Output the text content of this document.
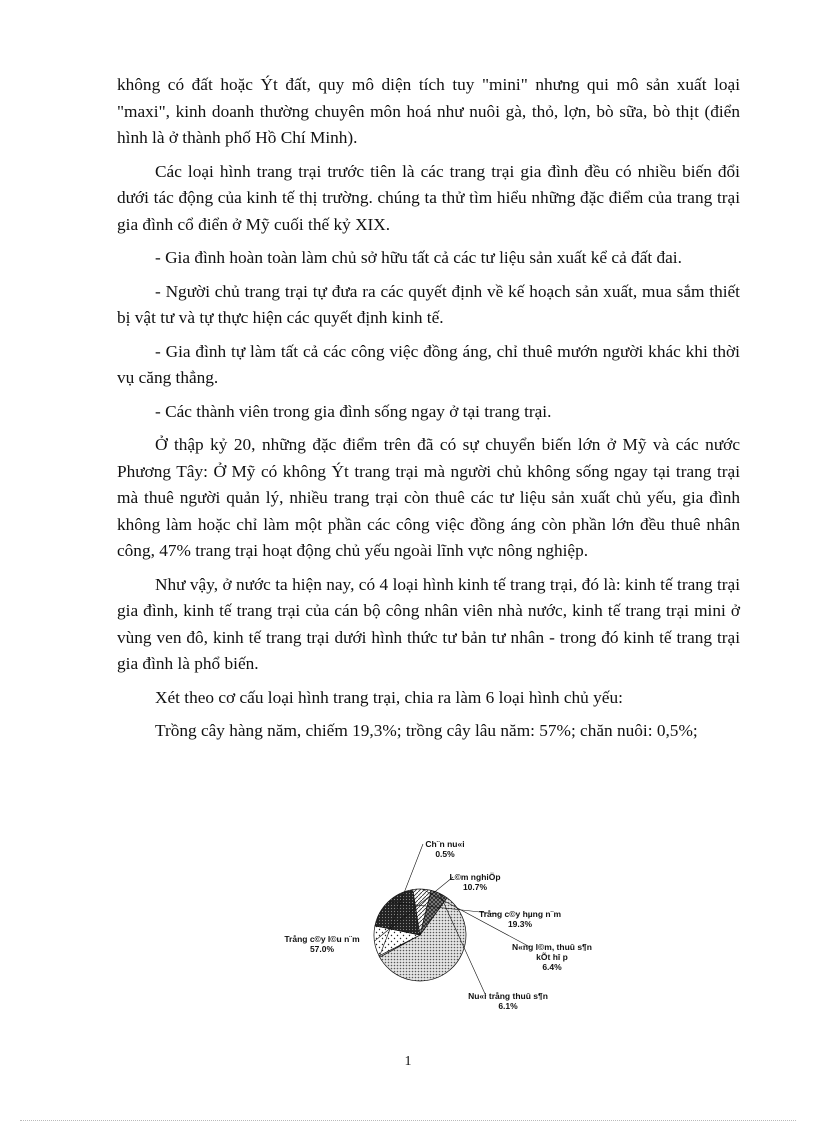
không có đất hoặc Ýt đất, quy mô diện tích tuy "mini" nhưng qui mô sản xuất loại "maxi", kinh doanh thường chuyên môn hoá như nuôi gà, thỏ, lợn, bò sữa, bò thịt (điển hình là ở thành phố Hồ Chí Minh).

Các loại hình trang trại trước tiên là các trang trại gia đình đều có nhiều biến đổi dưới tác động của kinh tế thị trường. chúng ta thử tìm hiểu những đặc điểm của trang trại gia đình cổ điển ở Mỹ cuối thế kỷ XIX.

- Gia đình hoàn toàn làm chủ sở hữu tất cả các tư liệu sản xuất kể cả đất đai.

- Người chủ trang trại tự đưa ra các quyết định về kế hoạch sản xuất, mua sắm thiết bị vật tư và tự thực hiện các quyết định kinh tế.

- Gia đình tự làm tất cả các công việc đồng áng, chỉ thuê mướn người khác khi thời vụ căng thẳng.

- Các thành viên trong gia đình sống ngay ở tại trang trại.

Ở thập kỷ 20, những đặc điểm trên đã có sự chuyển biến lớn ở Mỹ và các nước Phương Tây: Ở Mỹ có không Ýt trang trại mà người chủ không sống ngay tại trang trại mà thuê người quản lý, nhiều trang trại còn thuê các tư liệu sản xuất chủ yếu, gia đình không làm hoặc chỉ làm một phần các công việc đồng áng còn phần lớn đều thuê nhân công, 47% trang trại hoạt động chủ yếu ngoài lĩnh vực nông nghiệp.

Như vậy, ở nước ta hiện nay, có 4 loại hình kinh tế trang trại, đó là: kinh tế trang trại gia đình, kinh tế trang trại của cán bộ công nhân viên nhà nước, kinh tế trang trại mini ở vùng ven đô, kinh tế trang trại dưới hình thức tư bản tư nhân - trong đó kinh tế trang trại gia đình là phổ biến.

Xét theo cơ cấu loại hình trang trại, chia ra làm 6 loại hình chủ yếu:

Trồng cây hàng năm, chiếm 19,3%; trồng cây lâu năm: 57%; chăn nuôi: 0,5%;

Trång c©y l©u n¨m 57.0%
Ch¨n nu«i 0.5%
L©m nghiÖp 10.7%
Trång c©y hµng n¨m 19.3%
N«ng l©m, thuû s¶n kÕt hî p 6.4%
Nu«i trång thuû s¶n 6.1%
1
